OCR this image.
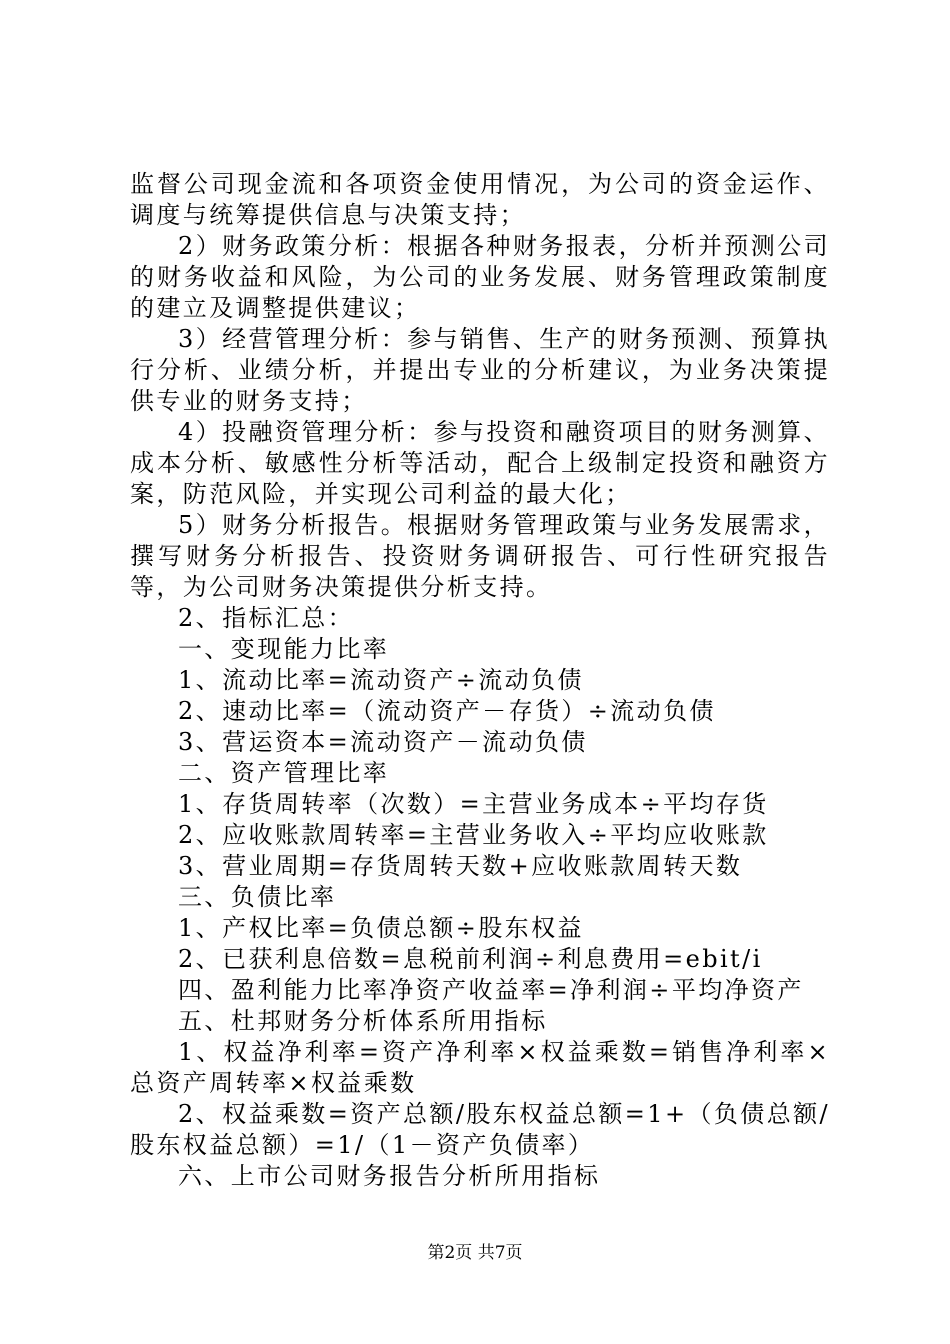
监督公司现金流和各项资金使用情况，为公司的资金运作、调度与统筹提供信息与决策支持；

2）财务政策分析：根据各种财务报表，分析并预测公司的财务收益和风险，为公司的业务发展、财务管理政策制度的建立及调整提供建议；

3）经营管理分析：参与销售、生产的财务预测、预算执行分析、业绩分析，并提出专业的分析建议，为业务决策提供专业的财务支持；

4）投融资管理分析：参与投资和融资项目的财务测算、成本分析、敏感性分析等活动，配合上级制定投资和融资方案，防范风险，并实现公司利益的最大化；

5）财务分析报告。根据财务管理政策与业务发展需求，撰写财务分析报告、投资财务调研报告、可行性研究报告等，为公司财务决策提供分析支持。

2、指标汇总：

一、变现能力比率

1、流动比率=流动资产÷流动负债

2、速动比率=（流动资产－存货）÷流动负债

3、营运资本=流动资产－流动负债

二、资产管理比率

1、存货周转率（次数）=主营业务成本÷平均存货

2、应收账款周转率=主营业务收入÷平均应收账款

3、营业周期=存货周转天数+应收账款周转天数

三、负债比率

1、产权比率=负债总额÷股东权益

2、已获利息倍数=息税前利润÷利息费用=ebit/i

四、盈利能力比率净资产收益率=净利润÷平均净资产

五、杜邦财务分析体系所用指标

1、权益净利率=资产净利率×权益乘数=销售净利率×总资产周转率×权益乘数

2、权益乘数=资产总额/股东权益总额=1+（负债总额/股东权益总额）=1/（1－资产负债率）

六、上市公司财务报告分析所用指标

第2页 共7页
